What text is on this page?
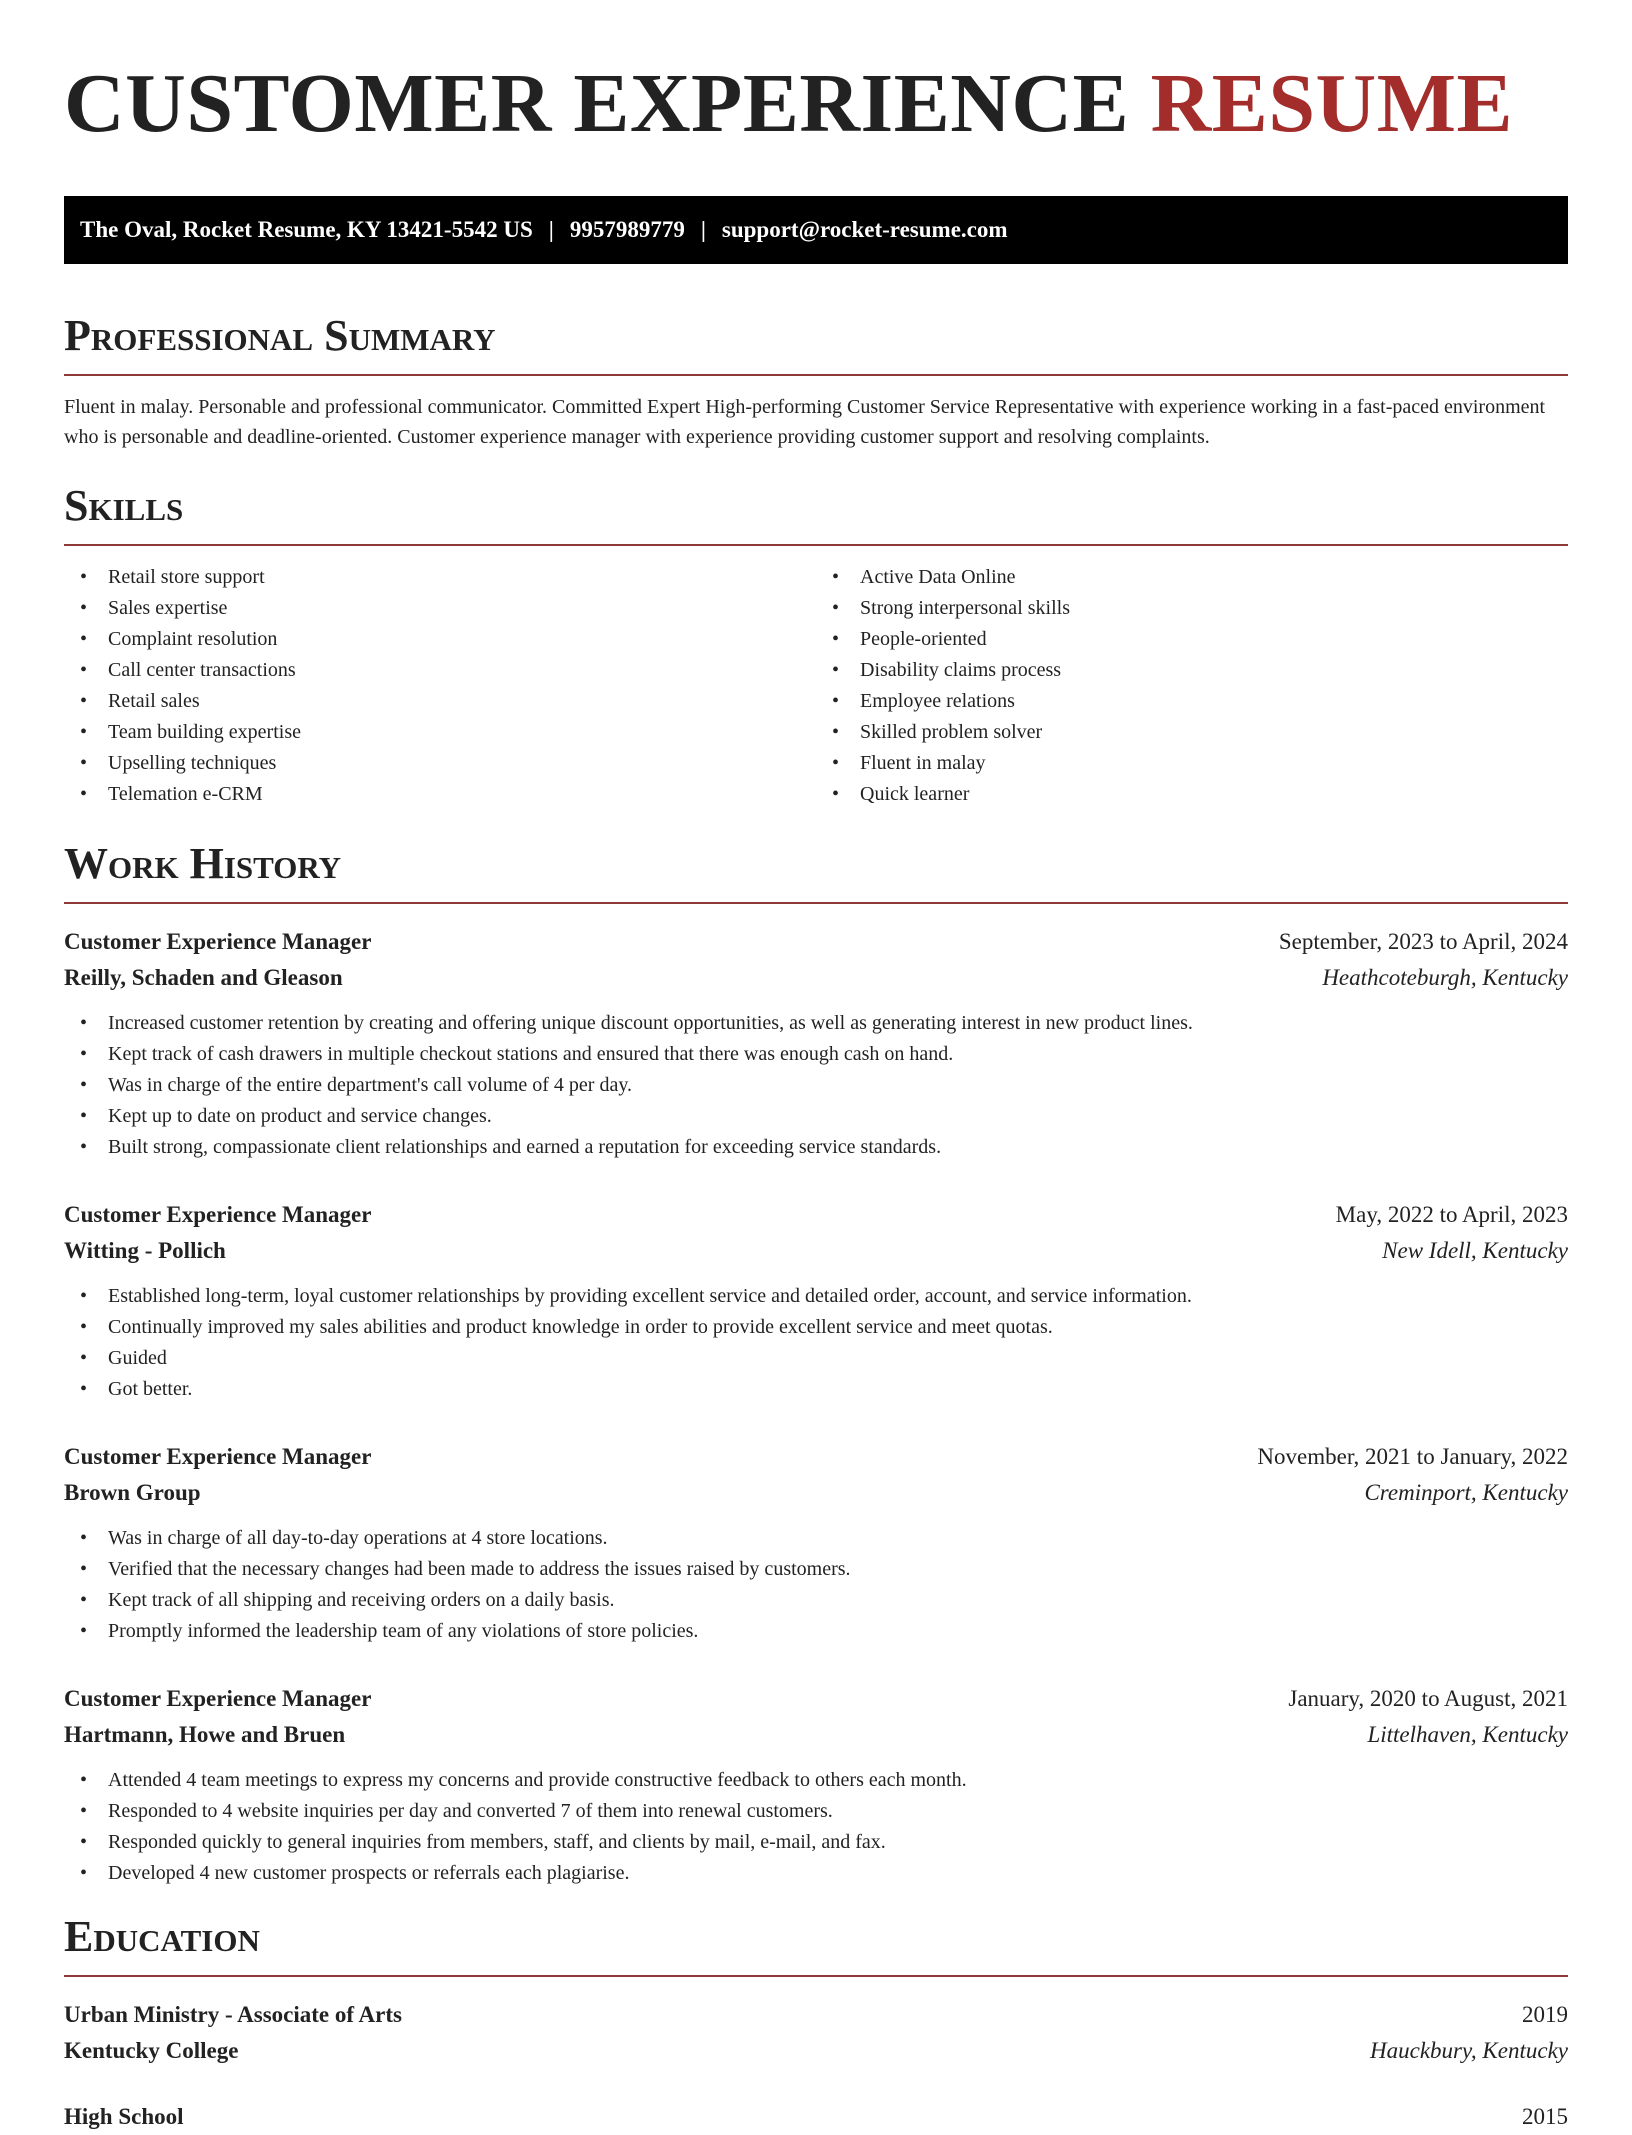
CUSTOMER EXPERIENCE RESUME
The Oval, Rocket Resume, KY 13421-5542 US | 9957989779 | support@rocket-resume.com
Professional Summary

Fluent in malay. Personable and professional communicator. Committed Expert High-performing Customer Service Representative with experience working in a fast-paced environment who is personable and deadline-oriented. Customer experience manager with experience providing customer support and resolving complaints.

Skills
• Retail store support
• Sales expertise
• Complaint resolution
• Call center transactions
• Retail sales
• Team building expertise
• Upselling techniques
• Telemation e-CRM
• Active Data Online
• Strong interpersonal skills
• People-oriented
• Disability claims process
• Employee relations
• Skilled problem solver
• Fluent in malay
• Quick learner
Work History
Customer Experience Manager	September, 2023 to April, 2024
Reilly, Schaden and Gleason	Heathcoteburgh, Kentucky
• Increased customer retention by creating and offering unique discount opportunities, as well as generating interest in new product lines.
• Kept track of cash drawers in multiple checkout stations and ensured that there was enough cash on hand.
• Was in charge of the entire department's call volume of 4 per day.
• Kept up to date on product and service changes.
• Built strong, compassionate client relationships and earned a reputation for exceeding service standards.
Customer Experience Manager	May, 2022 to April, 2023
Witting - Pollich	New Idell, Kentucky
• Established long-term, loyal customer relationships by providing excellent service and detailed order, account, and service information.
• Continually improved my sales abilities and product knowledge in order to provide excellent service and meet quotas.
• Guided
• Got better.
Customer Experience Manager	November, 2021 to January, 2022
Brown Group	Creminport, Kentucky
• Was in charge of all day-to-day operations at 4 store locations.
• Verified that the necessary changes had been made to address the issues raised by customers.
• Kept track of all shipping and receiving orders on a daily basis.
• Promptly informed the leadership team of any violations of store policies.
Customer Experience Manager	January, 2020 to August, 2021
Hartmann, Howe and Bruen	Littelhaven, Kentucky
• Attended 4 team meetings to express my concerns and provide constructive feedback to others each month.
• Responded to 4 website inquiries per day and converted 7 of them into renewal customers.
• Responded quickly to general inquiries from members, staff, and clients by mail, e-mail, and fax.
• Developed 4 new customer prospects or referrals each plagiarise.
Education
Urban Ministry - Associate of Arts	2019
Kentucky College	Hauckbury, Kentucky
High School	2015
